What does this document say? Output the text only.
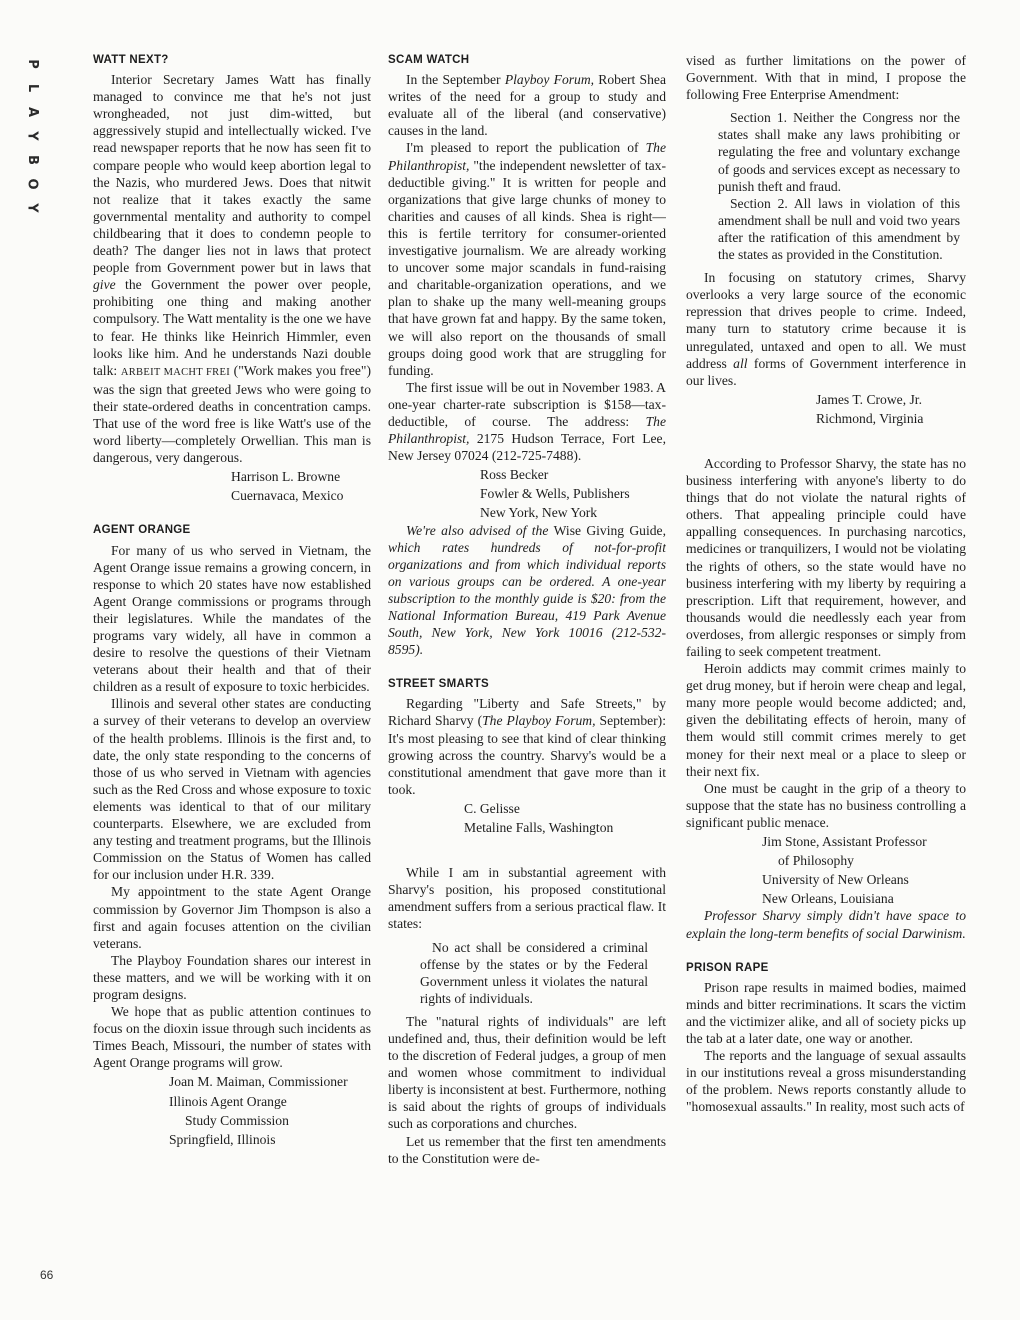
P
L
A
Y
B
O
Y
66
WATT NEXT?

Interior Secretary James Watt has finally managed to convince me that he's not just wrongheaded, not just dim-witted, but aggressively stupid and intellectually wicked. I've read newspaper reports that he now has seen fit to compare people who would keep abortion legal to the Nazis, who murdered Jews. Does that nitwit not realize that it takes exactly the same governmental mentality and authority to compel childbearing that it does to condemn people to death? The danger lies not in laws that protect people from Government power but in laws that give the Government the power over people, prohibiting one thing and making another compulsory. The Watt mentality is the one we have to fear. He thinks like Heinrich Himmler, even looks like him. And he understands Nazi double talk: ARBEIT MACHT FREI ("Work makes you free") was the sign that greeted Jews who were going to their state-ordered deaths in concentration camps. That use of the word free is like Watt's use of the word liberty—completely Orwellian. This man is dangerous, very dangerous.

Harrison L. Browne

Cuernavaca, Mexico

AGENT ORANGE

For many of us who served in Vietnam, the Agent Orange issue remains a growing concern, in response to which 20 states have now established Agent Orange commissions or programs through their legislatures. While the mandates of the programs vary widely, all have in common a desire to resolve the questions of their Vietnam veterans about their health and that of their children as a result of exposure to toxic herbicides.

Illinois and several other states are conducting a survey of their veterans to develop an overview of the health problems. Illinois is the first and, to date, the only state responding to the concerns of those of us who served in Vietnam with agencies such as the Red Cross and whose exposure to toxic elements was identical to that of our military counterparts. Elsewhere, we are excluded from any testing and treatment programs, but the Illinois Commission on the Status of Women has called for our inclusion under H.R. 339.

My appointment to the state Agent Orange commission by Governor Jim Thompson is also a first and again focuses attention on the civilian veterans.

The Playboy Foundation shares our interest in these matters, and we will be working with it on program designs.

We hope that as public attention continues to focus on the dioxin issue through such incidents as Times Beach, Missouri, the number of states with Agent Orange programs will grow.

Joan M. Maiman, Commissioner

Illinois Agent Orange

Study Commission

Springfield, Illinois

SCAM WATCH

In the September Playboy Forum, Robert Shea writes of the need for a group to study and evaluate all of the liberal (and conservative) causes in the land.

I'm pleased to report the publication of The Philanthropist, "the independent newsletter of tax-deductible giving." It is written for people and organizations that give large chunks of money to charities and causes of all kinds. Shea is right—this is fertile territory for consumer-oriented investigative journalism. We are already working to uncover some major scandals in fund-raising and charitable-organization operations, and we plan to shake up the many well-meaning groups that have grown fat and happy. By the same token, we will also report on the thousands of small groups doing good work that are struggling for funding.

The first issue will be out in November 1983. A one-year charter-rate subscription is $158—tax-deductible, of course. The address: The Philanthropist, 2175 Hudson Terrace, Fort Lee, New Jersey 07024 (212-725-7488).

Ross Becker

Fowler & Wells, Publishers

New York, New York

We're also advised of the Wise Giving Guide, which rates hundreds of not-for-profit organizations and from which individual reports on various groups can be ordered. A one-year subscription to the monthly guide is $20: from the National Information Bureau, 419 Park Avenue South, New York, New York 10016 (212-532-8595).

STREET SMARTS

Regarding "Liberty and Safe Streets," by Richard Sharvy (The Playboy Forum, September): It's most pleasing to see that kind of clear thinking growing across the country. Sharvy's would be a constitutional amendment that gave more than it took.

C. Gelisse

Metaline Falls, Washington

While I am in substantial agreement with Sharvy's position, his proposed constitutional amendment suffers from a serious practical flaw. It states:

No act shall be considered a criminal offense by the states or by the Federal Government unless it violates the natural rights of individuals.

The "natural rights of individuals" are left undefined and, thus, their definition would be left to the discretion of Federal judges, a group of men and women whose commitment to individual liberty is inconsistent at best. Furthermore, nothing is said about the rights of groups of individuals such as corporations and churches.

Let us remember that the first ten amendments to the Constitution were de-

vised as further limitations on the power of Government. With that in mind, I propose the following Free Enterprise Amendment:

Section 1. Neither the Congress nor the states shall make any laws prohibiting or regulating the free and voluntary exchange of goods and services except as necessary to punish theft and fraud.

Section 2. All laws in violation of this amendment shall be null and void two years after the ratification of this amendment by the states as provided in the Constitution.

In focusing on statutory crimes, Sharvy overlooks a very large source of the economic repression that drives people to crime. Indeed, many turn to statutory crime because it is unregulated, untaxed and open to all. We must address all forms of Government interference in our lives.

James T. Crowe, Jr.

Richmond, Virginia

According to Professor Sharvy, the state has no business interfering with anyone's liberty to do things that do not violate the natural rights of others. That appealing principle could have appalling consequences. In purchasing narcotics, medicines or tranquilizers, I would not be violating the rights of others, so the state would have no business interfering with my liberty by requiring a prescription. Lift that requirement, however, and thousands would die needlessly each year from overdoses, from allergic responses or simply from failing to seek competent treatment.

Heroin addicts may commit crimes mainly to get drug money, but if heroin were cheap and legal, many more people would become addicted; and, given the debilitating effects of heroin, many of them would still commit crimes merely to get money for their next meal or a place to sleep or their next fix.

One must be caught in the grip of a theory to suppose that the state has no business controlling a significant public menace.

Jim Stone, Assistant Professor

of Philosophy

University of New Orleans

New Orleans, Louisiana

Professor Sharvy simply didn't have space to explain the long-term benefits of social Darwinism.

PRISON RAPE

Prison rape results in maimed bodies, maimed minds and bitter recriminations. It scars the victim and the victimizer alike, and all of society picks up the tab at a later date, one way or another.

The reports and the language of sexual assaults in our institutions reveal a gross misunderstanding of the problem. News reports constantly allude to "homosexual assaults." In reality, most such acts of
